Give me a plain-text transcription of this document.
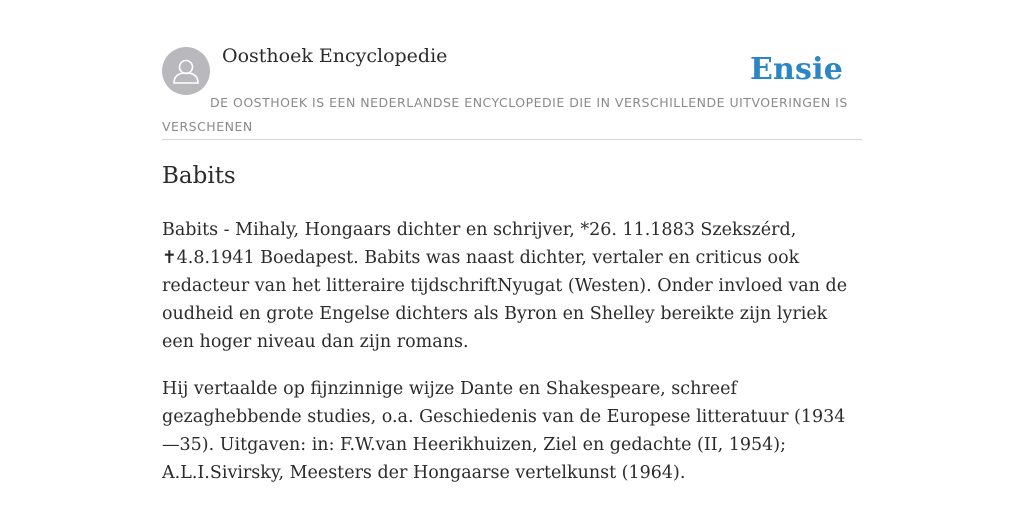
Oosthoek Encyclopedie	Ensie
DE OOSTHOEK IS EEN NEDERLANDSE ENCYCLOPEDIE DIE IN VERSCHILLENDE UITVOERINGEN IS VERSCHENEN
Babits

Babits - Mihaly, Hongaars dichter en schrijver, *26. 11.1883 Szekszérd, ✝4.8.1941 Boedapest. Babits was naast dichter, vertaler en criticus ook redacteur van het litteraire tijdschriftNyugat (Westen). Onder invloed van de oudheid en grote Engelse dichters als Byron en Shelley bereikte zijn lyriek een hoger niveau dan zijn romans.

Hij vertaalde op fijnzinnige wijze Dante en Shakespeare, schreef gezaghebbende studies, o.a. Geschiedenis van de Europese litteratuur (1934—35). Uitgaven: in: F.W.van Heerikhuizen, Ziel en gedachte (II, 1954); A.L.I.Sivirsky, Meesters der Hongaarse vertelkunst (1964).
